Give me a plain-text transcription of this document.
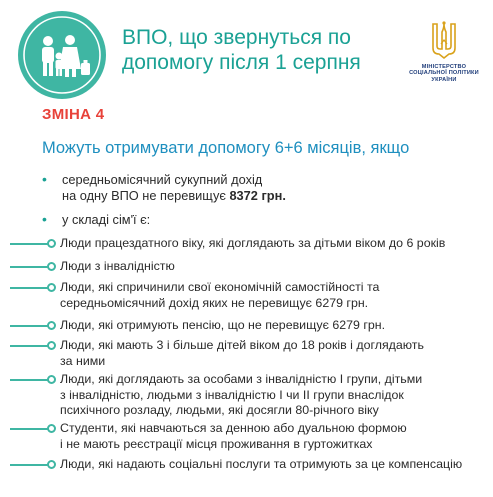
ВПО, що звернуться по
допомогу після 1 серпня	МІНІСТЕРСТВО
СОЦІАЛЬНОЇ ПОЛІТИКИ
УКРАЇНИ
ЗМІНА 4
Можуть отримувати допомогу 6+6 місяців, якщо
• середньомісячний сукупний дохід
на одну ВПО не перевищує 8372 грн.
• у складі сім'ї є:
Люди працездатного віку, які доглядають за дітьми віком до 6 років
Люди з інвалідністю
Люди, які спричинили свої економічній самостійності та
середньомісячний дохід яких не перевищує 6279 грн.
Люди, які отримують пенсію, що не перевищує 6279 грн.
Люди, які мають 3 і більше дітей віком до 18 років і доглядають
за ними
Люди, які доглядають за особами з інвалідністю І групи, дітьми
з інвалідністю, людьми з інвалідністю І чи ІІ групи внаслідок
психічного розладу, людьми, які досягли 80-річного віку
Студенти, які навчаються за денною або дуальною формою
і не мають реєстрації місця проживання в гуртожитках
Люди, які надають соціальні послуги та отримують за це компенсацію
